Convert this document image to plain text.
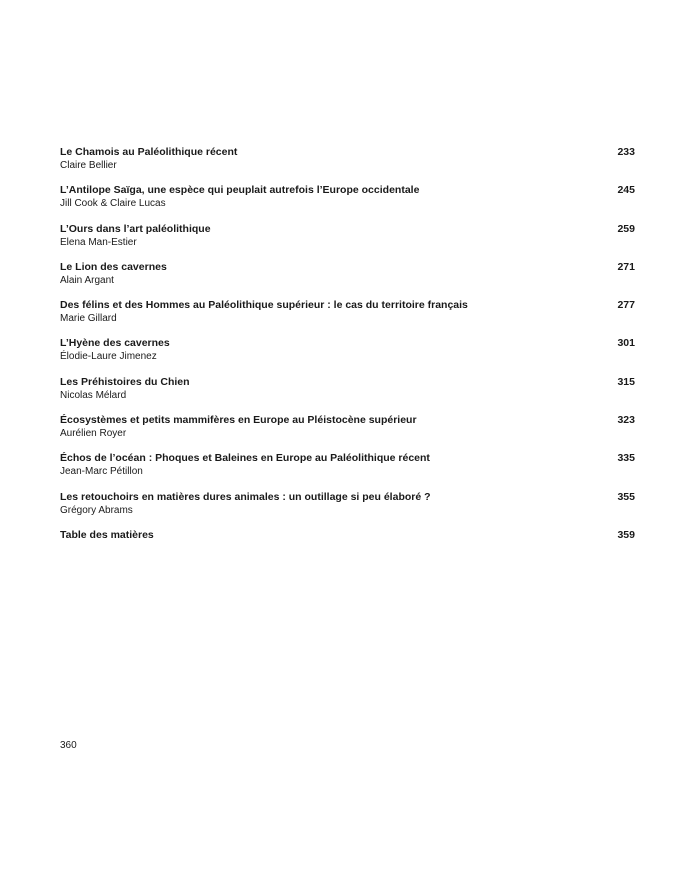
Le Chamois au Paléolithique récent
Claire Bellier
233
L’Antilope Saïga, une espèce qui peuplait autrefois l’Europe occidentale
Jill Cook & Claire Lucas
245
L’Ours dans l’art paléolithique
Elena Man-Estier
259
Le Lion des cavernes
Alain Argant
271
Des félins et des Hommes au Paléolithique supérieur : le cas du territoire français
Marie Gillard
277
L’Hyène des cavernes
Élodie-Laure Jimenez
301
Les Préhistoires du Chien
Nicolas Mélard
315
Écosystèmes et petits mammifères en Europe au Pléistocène supérieur
Aurélien Royer
323
Échos de l’océan : Phoques et Baleines en Europe au Paléolithique récent
Jean-Marc Pétillon
335
Les retouchoirs en matières dures animales : un outillage si peu élaboré ?
Grégory Abrams
355
Table des matières	359
360
